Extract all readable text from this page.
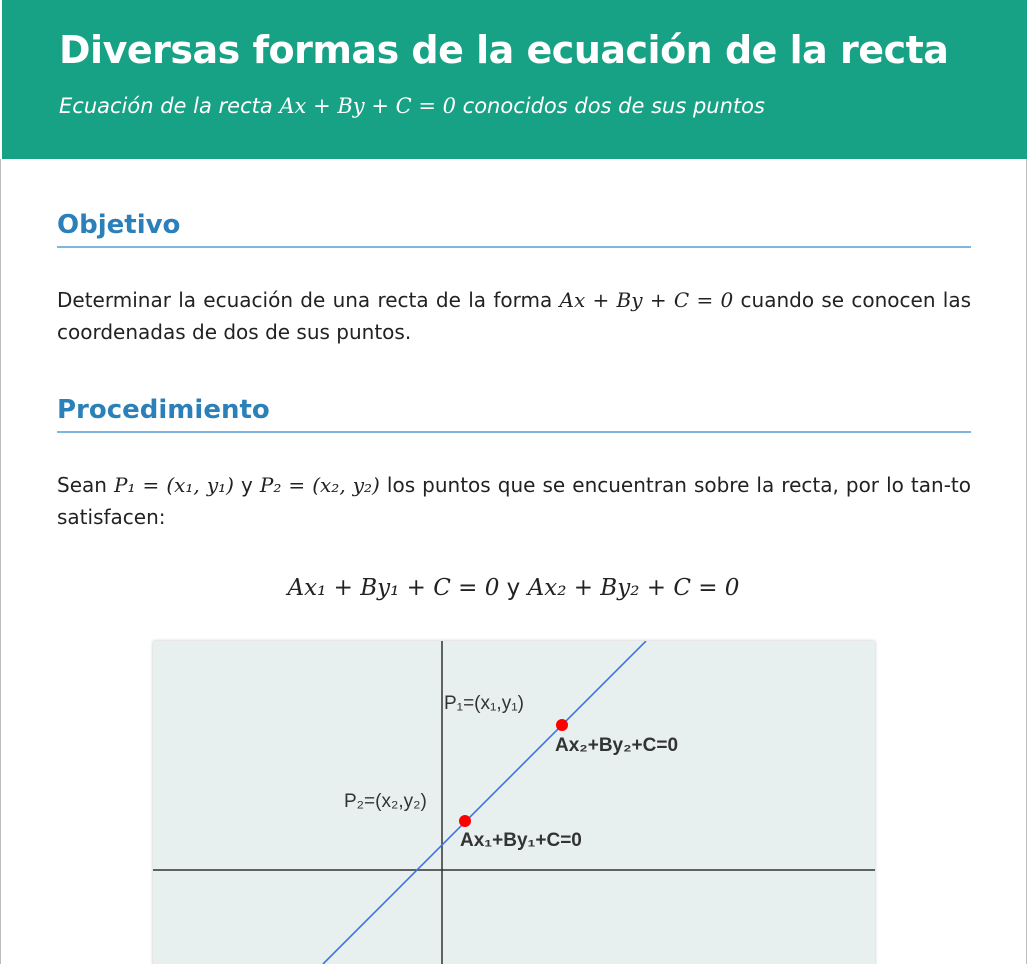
Diversas formas de la ecuación de la recta
Ecuación de la recta Ax + By + C = 0 conocidos dos de sus puntos
Objetivo
Determinar la ecuación de una recta de la forma Ax + By + C = 0 cuando se conocen las coordenadas de dos de sus puntos.
Procedimiento
Sean P₁ = (x₁, y₁) y P₂ = (x₂, y₂) los puntos que se encuentran sobre la recta, por lo tan-to satisfacen:
Ax₁ + By₁ + C = 0 y Ax₂ + By₂ + C = 0
P₁=(x₁,y₁)
P₂=(x₂,y₂)
Ax₂+By₂+C=0
Ax₁+By₁+C=0
